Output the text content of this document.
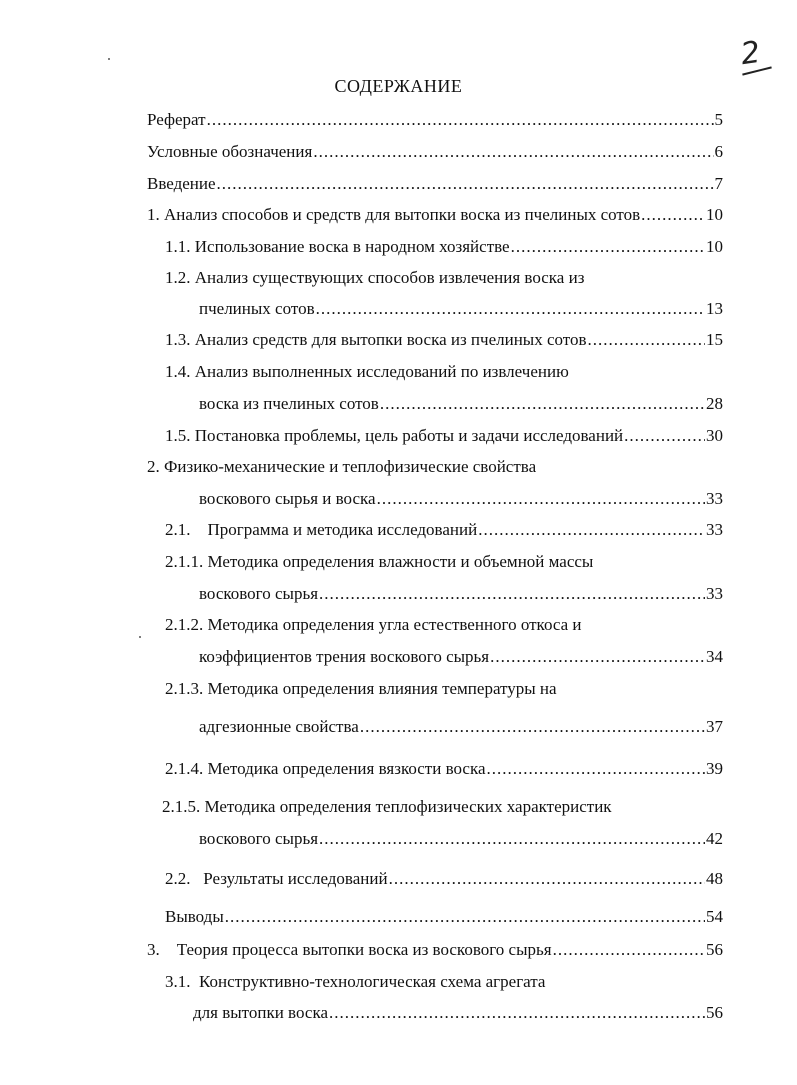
2
СОДЕРЖАНИЕ
Реферат .....	5
Условные обозначения .....	6
Введение .....	7
1. Анализ способов и средств для вытопки воска из пчелиных сотов .....	10
1.1. Использование воска в народном хозяйстве .....	10
1.2. Анализ существующих способов извлечения воска из
пчелиных сотов .....	13
1.3. Анализ средств для вытопки воска из пчелиных сотов .....	15
1.4. Анализ выполненных исследований по извлечению
воска из пчелиных сотов .....	28
1.5. Постановка проблемы, цель работы и задачи исследований .....	30
2. Физико-механические и теплофизические свойства
воскового сырья и воска .....	33
2.1.    Программа и методика исследований .....	33
2.1.1. Методика определения влажности и объемной массы
воскового сырья .....	33
2.1.2. Методика определения угла естественного откоса и
коэффициентов трения воскового сырья .....	34
2.1.3. Методика определения влияния температуры на
адгезионные свойства .....	37
2.1.4. Методика определения вязкости воска .....	39
2.1.5. Методика определения теплофизических характеристик
воскового сырья .....	42
2.2.   Результаты исследований .....	48
Выводы .....	54
3.    Теория процесса вытопки воска из воскового сырья .....	56
3.1.  Конструктивно-технологическая схема агрегата
для вытопки воска .....	56
